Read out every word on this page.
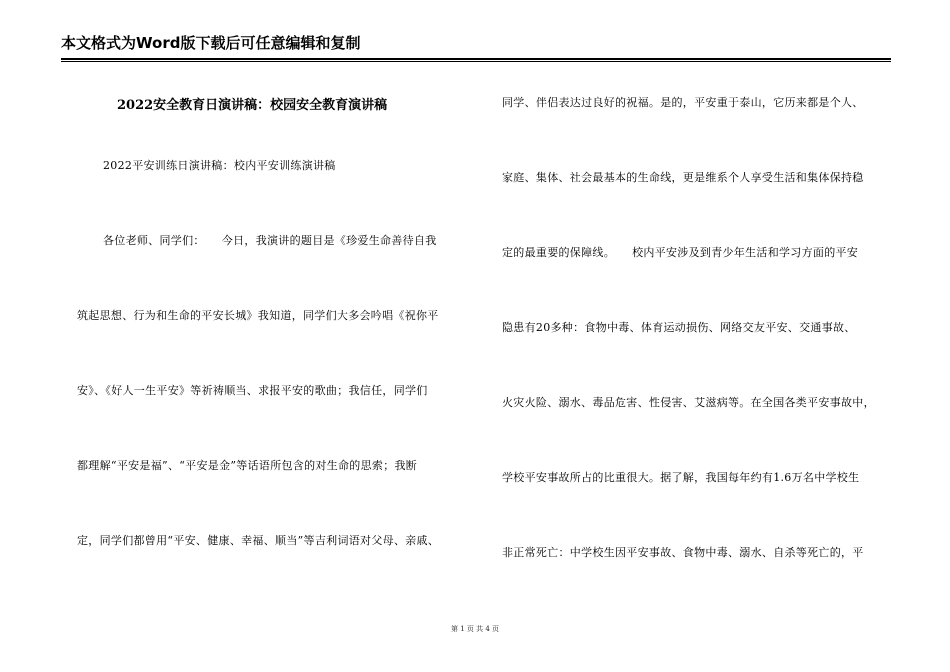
本文格式为Word版下载后可任意编辑和复制
2022安全教育日演讲稿：校园安全教育演讲稿
2022平安训练日演讲稿：校内平安训练演讲稿
各位老师、同学们：　　今日，我演讲的题目是《珍爱生命善待自我
筑起思想、行为和生命的平安长城》我知道，同学们大多会吟唱《祝你平
安》、《好人一生平安》等祈祷顺当、求报平安的歌曲；我信任，同学们
都理解“平安是福”、“平安是金”等话语所包含的对生命的思索；我断
定，同学们都曾用“平安、健康、幸福、顺当”等吉利词语对父母、亲戚、
同学、伴侣表达过良好的祝福。是的，平安重于泰山，它历来都是个人、
家庭、集体、社会最基本的生命线，更是维系个人享受生活和集体保持稳
定的最重要的保障线。　　校内平安涉及到青少年生活和学习方面的平安
隐患有20多种：食物中毒、体育运动损伤、网络交友平安、交通事故、
火灾火险、溺水、毒品危害、性侵害、艾滋病等。在全国各类平安事故中，
学校平安事故所占的比重很大。据了解，我国每年约有1.6万名中学校生
非正常死亡：中学校生因平安事故、食物中毒、溺水、自杀等死亡的，平
第 1 页 共 4 页
